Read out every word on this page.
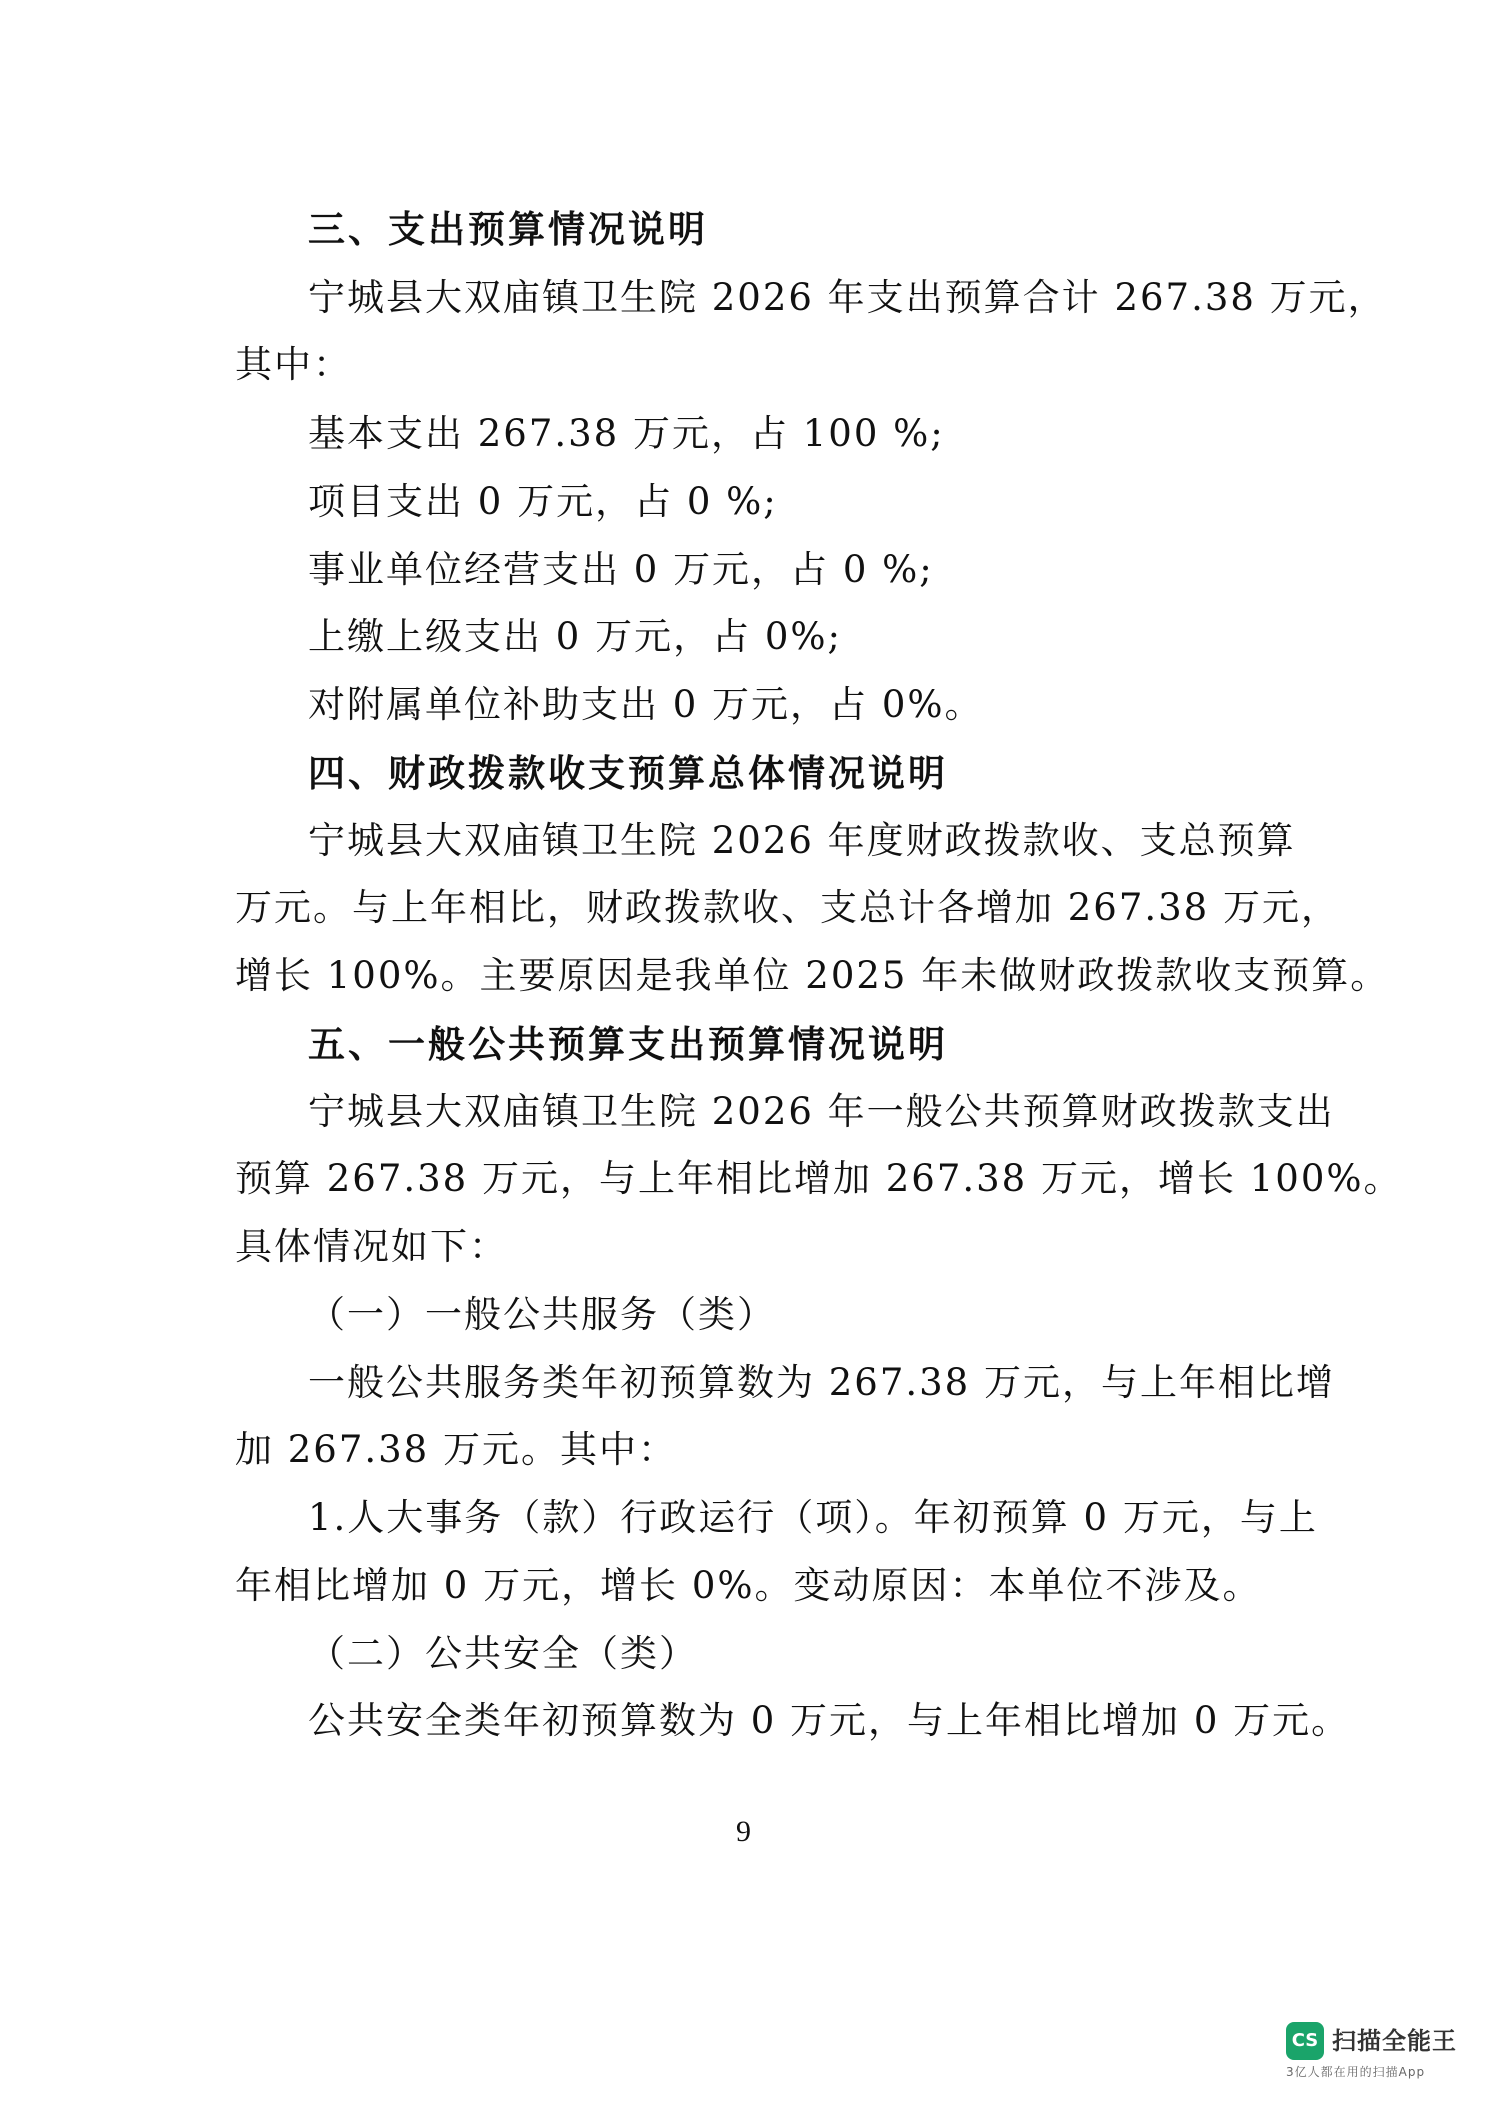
三、支出预算情况说明
宁城县大双庙镇卫生院 2026 年支出预算合计 267.38 万元，
其中：
基本支出 267.38 万元，占 100 %;
项目支出 0 万元，占 0 %;
事业单位经营支出 0 万元，占 0 %;
上缴上级支出 0 万元，占 0%;
对附属单位补助支出 0 万元，占 0%。
四、财政拨款收支预算总体情况说明
宁城县大双庙镇卫生院 2026 年度财政拨款收、支总预算
万元。与上年相比，财政拨款收、支总计各增加 267.38 万元，
增长 100%。主要原因是我单位 2025 年未做财政拨款收支预算。
五、一般公共预算支出预算情况说明
宁城县大双庙镇卫生院 2026 年一般公共预算财政拨款支出
预算 267.38 万元，与上年相比增加 267.38 万元，增长 100%。
具体情况如下：
（一）一般公共服务（类）
一般公共服务类年初预算数为 267.38 万元，与上年相比增
加 267.38 万元。其中：
1.人大事务（款）行政运行（项）。年初预算 0 万元，与上
年相比增加 0 万元，增长 0%。变动原因：本单位不涉及。
（二）公共安全（类）
公共安全类年初预算数为 0 万元，与上年相比增加 0 万元。
9
CS 扫描全能王
3亿人都在用的扫描App
